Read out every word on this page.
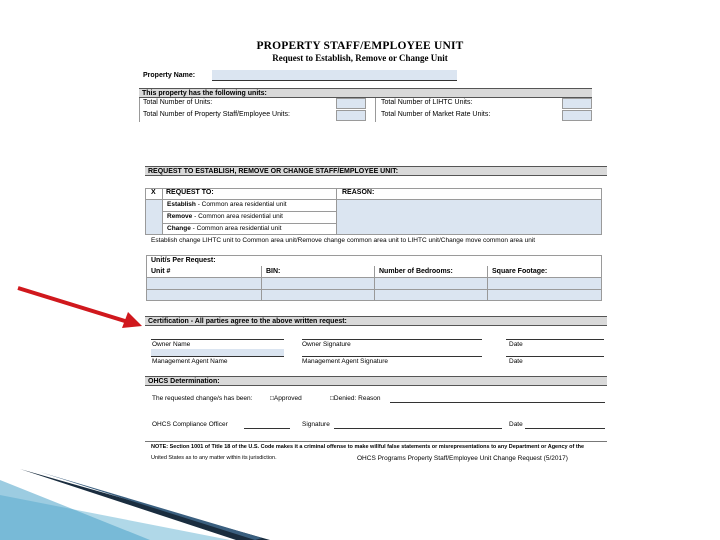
PROPERTY STAFF/EMPLOYEE UNIT
Request to Establish, Remove or Change Unit
Property Name:
This property has the following units:
Total Number of Units:
Total Number of Property Staff/Employee Units:
Total Number of LIHTC Units:
Total Number of Market Rate Units:
REQUEST TO ESTABLISH, REMOVE OR CHANGE STAFF/EMPLOYEE UNIT:
X REQUEST TO:	REASON:
Establish - Common area residential unit
Remove - Common area residential unit
Change - Common area residential unit
Establish change LIHTC unit to Common area unit/Remove change common area unit to LIHTC unit/Change move common area unit
Unit/s Per Request:
Unit #	BIN:	Number of Bedrooms:	Square Footage:
Certification - All parties agree to the above written request:
Owner Name	Owner Signature	Date
Management Agent Name	Management Agent Signature	Date
OHCS Determination:
The requested change/s has been:	□Approved	□Denied: Reason
OHCS Compliance Officer	Signature	Date
NOTE: Section 1001 of Title 18 of the U.S. Code makes it a criminal offense to make willful false statements or misrepresentations to any Department or Agency of the
United States as to any matter within its jurisdiction.	OHCS Programs Property Staff/Employee Unit Change Request (5/2017)
